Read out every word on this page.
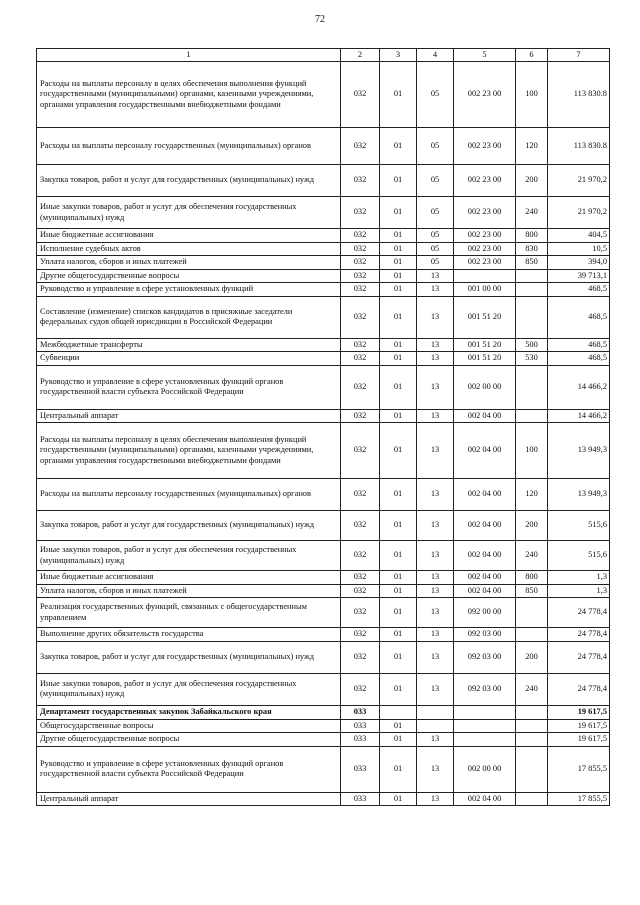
72
1	2	3	4	5	6	7
Расходы на выплаты персоналу в целях обеспечения выполнения функций государственными (муниципальными) органами, казенными учреждениями, органами управления государственными внебюджетными фондами	032	01	05	002 23 00	100	113 830.8
Расходы на выплаты персоналу государственных (муниципальных) органов	032	01	05	002 23 00	120	113 830.8
Закупка товаров, работ и услуг для государственных (муниципальных) нужд	032	01	05	002 23 00	200	21 970,2
Иные закупки товаров, работ и услуг для обеспечения государственных (муниципальных) нужд	032	01	05	002 23 00	240	21 970,2
Иные бюджетные ассигнования	032	01	05	002 23 00	800	404,5
Исполнение судебных актов	032	01	05	002 23 00	830	10,5
Уплата налогов, сборов и иных платежей	032	01	05	002 23 00	850	394,0
Другие общегосударственные вопросы	032	01	13			39 713,1
Руководство и управление в сфере установленных функций	032	01	13	001 00 00		468,5
Составление (изменение) списков кандидатов в присяжные заседатели федеральных судов общей юрисдикции в Российской Федерации	032	01	13	001 51 20		468,5
Межбюджетные трансферты	032	01	13	001 51 20	500	468,5
Субвенции	032	01	13	001 51 20	530	468,5
Руководство и управление в сфере установленных функций органов государственной власти субъекта Российской Федерации	032	01	13	002 00 00		14 466,2
Центральный аппарат	032	01	13	002 04 00		14 466,2
Расходы на выплаты персоналу в целях обеспечения выполнения функций государственными (муниципальными) органами, казенными учреждениями, органами управления государственными внебюджетными фондами	032	01	13	002 04 00	100	13 949,3
Расходы на выплаты персоналу государственных (муниципальных) органов	032	01	13	002 04 00	120	13 949,3
Закупка товаров, работ и услуг для государственных (муниципальных) нужд	032	01	13	002 04 00	200	515,6
Иные закупки товаров, работ и услуг для обеспечения государственных (муниципальных) нужд	032	01	13	002 04 00	240	515,6
Иные бюджетные ассигнования	032	01	13	002 04 00	800	1,3
Уплата налогов, сборов и иных платежей	032	01	13	002 04 00	850	1,3
Реализация государственных функций, связанных с общегосударственным управлением	032	01	13	092 00 00		24 778,4
Выполнение других обязательств государства	032	01	13	092 03 00		24 778,4
Закупка товаров, работ и услуг для государственных (муниципальных) нужд	032	01	13	092 03 00	200	24 778,4
Иные закупки товаров, работ и услуг для обеспечения государственных (муниципальных) нужд	032	01	13	092 03 00	240	24 778,4
Департамент государственных закупок Забайкальского края	033					19 617,5
Общегосударственные вопросы	033	01				19 617,5
Другие общегосударственные вопросы	033	01	13			19 617,5
Руководство и управление в сфере установленных функций органов государственной власти субъекта Российской Федерации	033	01	13	002 00 00		17 855,5
Центральный аппарат	033	01	13	002 04 00		17 855,5
